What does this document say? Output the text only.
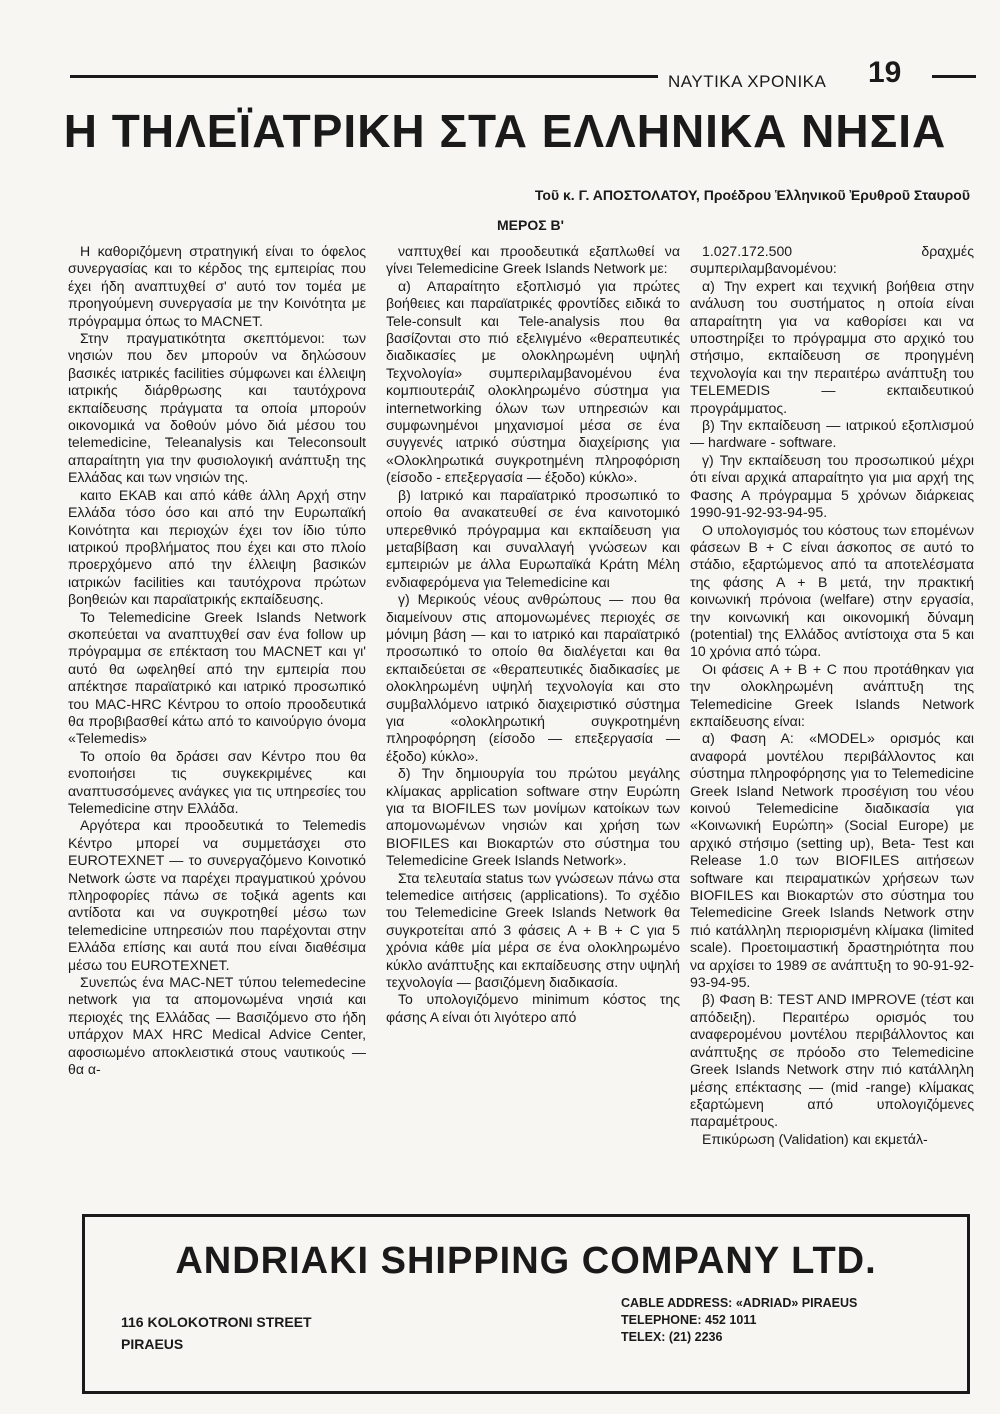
ΝΑΥΤΙΚΑ ΧΡΟΝΙΚΑ	19
Η ΤΗΛΕΪΑΤΡΙΚΗ ΣΤΑ ΕΛΛΗΝΙΚΑ ΝΗΣΙΑ
Τοῦ κ. Γ. ΑΠΟΣΤΟΛΑΤΟΥ, Προέδρου Ἑλληνικοῦ Ἐρυθροῦ Σταυροῦ
ΜΕΡΟΣ Β'

Η καθοριζόμενη στρατηγική είναι το όφελος συνεργασίας και το κέρδος της εμπειρίας που έχει ήδη αναπτυχθεί σ' αυτό τον τομέα με προηγούμενη συνεργασία με την Κοινότητα με πρόγραμμα όπως το MACNET.

Στην πραγματικότητα σκεπτόμενοι: των νησιών που δεν μπορούν να δηλώσουν βασικές ιατρικές facilities σύμφωνει και έλλειψη ιατρικής διάρθρωσης και ταυτόχρονα εκπαίδευσης πράγματα τα οποία μπορούν οικονομικά να δοθούν μόνο διά μέσου του telemedicine, Teleanalysis και Teleconsoult απαραίτητη για την φυσιολογική ανάπτυξη της Ελλάδας και των νησιών της.

καιτο ΕΚΑΒ και από κάθε άλλη Αρχή στην Ελλάδα τόσο όσο και από την Ευρωπαϊκή Κοινότητα και περιοχών έχει τον ίδιο τύπο ιατρικού προβλήματος που έχει και στο πλοίο προερχόμενο από την έλλειψη βασικών ιατρικών facilities και ταυτόχρονα πρώτων βοηθειών και παραϊατρικής εκπαίδευσης.

Το Telemedicine Greek Islands Network σκοπεύεται να αναπτυχθεί σαν ένα follow up πρόγραμμα σε επέκταση του MACNET και γι' αυτό θα ωφεληθεί από την εμπειρία που απέκτησε παραϊατρικό και ιατρικό προσωπικό του MAC-HRC Κέντρου το οποίο προοδευτικά θα προβιβασθεί κάτω από το καινούργιο όνομα «Telemedis»

Το οποίο θα δράσει σαν Κέντρο που θα ενοποιήσει τις συγκεκριμένες και αναπτυσσόμενες ανάγκες για τις υπηρεσίες του Telemedicine στην Ελλάδα.

Αργότερα και προοδευτικά το Telemedis Κέντρο μπορεί να συμμετάσχει στο EUROTEXNET — το συνεργαζόμενο Κοινοτικό Network ώστε να παρέχει πραγματικού χρόνου πληροφορίες πάνω σε τοξικά agents και αντίδοτα και να συγκροτηθεί μέσω των telemedicine υπηρεσιών που παρέχονται στην Ελλάδα επίσης και αυτά που είναι διαθέσιμα μέσω του EUROTEXNET.

Συνεπώς ένα MAC-NET τύπου telemedecine network για τα απομονωμένα νησιά και περιοχές της Ελλάδας — Βασιζόμενο στο ήδη υπάρχον MAX HRC Medical Advice Center, αφοσιωμένο αποκλειστικά στους ναυτικούς — θα α-

ναπτυχθεί και προοδευτικά εξαπλωθεί να γίνει Telemedicine Greek Islands Network με:

α) Απαραίτητο εξοπλισμό για πρώτες βοήθειες και παραϊατρικές φροντίδες ειδικά το Tele-consult και Tele-analysis που θα βασίζονται στο πιό εξελιγμένο «θεραπευτικές διαδικασίες με ολοκληρωμένη υψηλή Τεχνολογία» συμπεριλαμβανομένου ένα κομπιουτεράιζ ολοκληρωμένο σύστημα για internetworking όλων των υπηρεσιών και συμφωνημένοι μηχανισμοί μέσα σε ένα συγγενές ιατρικό σύστημα διαχείρισης για «Ολοκληρωτικά συγκροτημένη πληροφόριση (είσοδο - επεξεργασία — έξοδο) κύκλο».

β) Ιατρικό και παραϊατρικό προσωπικό το οποίο θα ανακατευθεί σε ένα καινοτομικό υπερεθνικό πρόγραμμα και εκπαίδευση για μεταβίβαση και συναλλαγή γνώσεων και εμπειριών με άλλα Ευρωπαϊκά Κράτη Μέλη ενδιαφερόμενα για Telemedicine και

γ) Μερικούς νέους ανθρώπους — που θα διαμείνουν στις απομονωμένες περιοχές σε μόνιμη βάση — και το ιατρικό και παραϊατρικό προσωπικό το οποίο θα διαλέγεται και θα εκπαιδεύεται σε «θεραπευτικές διαδικασίες με ολοκληρωμένη υψηλή τεχνολογία και στο συμβαλλόμενο ιατρικό διαχειριστικό σύστημα για «ολοκληρωτική συγκροτημένη πληροφόρηση (είσοδο — επεξεργασία — έξοδο) κύκλο».

δ) Την δημιουργία του πρώτου μεγάλης κλίμακας application software στην Ευρώπη για τα BIOFILES των μονίμων κατοίκων των απομονωμένων νησιών και χρήση των BIOFILES και Βιοκαρτών στο σύστημα του Telemedicine Greek Islands Network».

Στα τελευταία status των γνώσεων πάνω στα telemedice αιτήσεις (applications). Το σχέδιο του Telemedicine Greek Islands Network θα συγκροτείται από 3 φάσεις A + B + C για 5 χρόνια κάθε μία μέρα σε ένα ολοκληρωμένο κύκλο ανάπτυξης και εκπαίδευσης στην υψηλή τεχνολογία — βασιζόμενη διαδικασία.

Το υπολογιζόμενο minimum κόστος της φάσης Α είναι ότι λιγότερο από

1.027.172.500 δραχμές συμπεριλαμβανομένου:

α) Την expert και τεχνική βοήθεια στην ανάλυση του συστήματος η οποία είναι απαραίτητη για να καθορίσει και να υποστηρίξει το πρόγραμμα στο αρχικό του στήσιμο, εκπαίδευση σε προηγμένη τεχνολογία και την περαιτέρω ανάπτυξη του TELEMEDIS — εκπαιδευτικού προγράμματος.

β) Την εκπαίδευση — ιατρικού εξοπλισμού — hardware - software.

γ) Την εκπαίδευση του προσωπικού μέχρι ότι είναι αρχικά απαραίτητο για μια αρχή της Φασης Α πρόγραμμα 5 χρόνων διάρκειας 1990-91-92-93-94-95.

Ο υπολογισμός του κόστους των επομένων φάσεων B + C είναι άσκοπος σε αυτό το στάδιο, εξαρτώμενος από τα αποτελέσματα της φάσης A + B μετά, την πρακτική κοινωνική πρόνοια (welfare) στην εργασία, την κοινωνική και οικονομική δύναμη (potential) της Ελλάδος αντίστοιχα στα 5 και 10 χρόνια από τώρα.

Οι φάσεις A + B + C που προτάθηκαν για την ολοκληρωμένη ανάπτυξη της Telemedicine Greek Islands Network εκπαίδευσης είναι:

α) Φαση Α: «MODEL» ορισμός και αναφορά μοντέλου περιβάλλοντος και σύστημα πληροφόρησης για το Telemedicine Greek Island Network προσέγιση του νέου κοινού Telemedicine διαδικασία για «Κοινωνική Ευρώπη» (Social Europe) με αρχικό στήσιμο (setting up), Beta- Test και Release 1.0 των BIOFILES αιτήσεων software και πειραματικών χρήσεων των BIOFILES και Βιοκαρτών στο σύστημα του Telemedicine Greek Islands Network στην πιό κατάλληλη περιορισμένη κλίμακα (limited scale). Προετοιμαστική δραστηριότητα που να αρχίσει το 1989 σε ανάπτυξη το 90-91-92-93-94-95.

β) Φαση Β: TEST AND IMPROVE (τέστ και απόδειξη). Περαιτέρω ορισμός του αναφερομένου μοντέλου περιβάλλοντος και ανάπτυξης σε πρόοδο στο Telemedicine Greek Islands Network στην πιό κατάλληλη μέσης επέκτασης — (mid -range) κλίμακας εξαρτώμενη από υπολογιζόμενες παραμέτρους.

Επικύρωση (Validation) και εκμετάλ-

ANDRIAKI SHIPPING COMPANY LTD.
116 KOLOKOTRONI STREET
PIRAEUS
CABLE ADDRESS: «ADRIAD» PIRAEUS
TELEPHONE: 452 1011
TELEX: (21) 2236
